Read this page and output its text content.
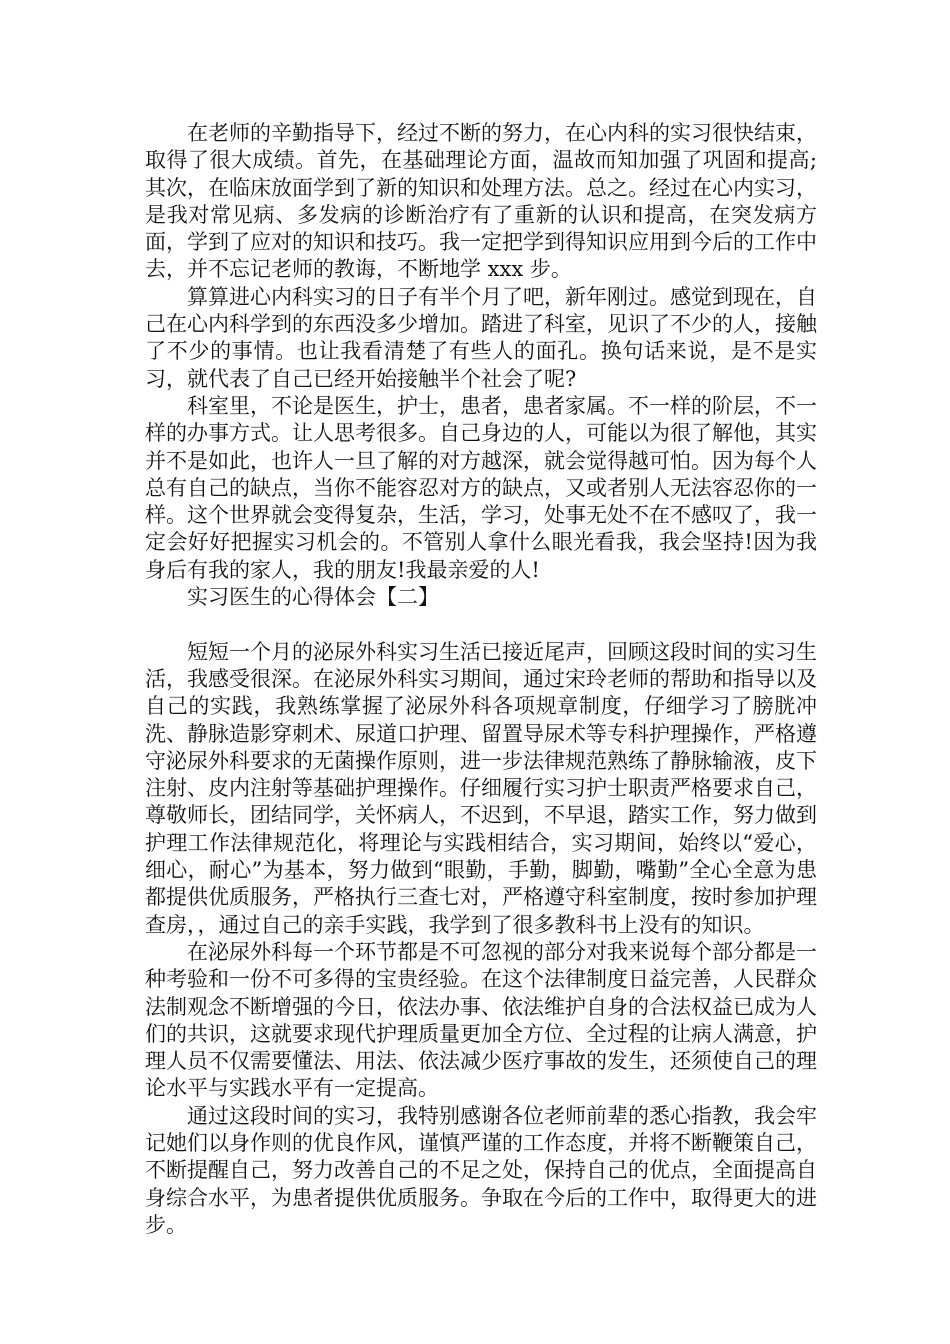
在老师的辛勤指导下，经过不断的努力，在心内科的实习很快结束，取得了很大成绩。首先，在基础理论方面，温故而知加强了巩固和提高;其次，在临床放面学到了新的知识和处理方法。总之。经过在心内实习，是我对常见病、多发病的诊断治疗有了重新的认识和提高，在突发病方面，学到了应对的知识和技巧。我一定把学到得知识应用到今后的工作中去，并不忘记老师的教诲，不断地学 xxx 步。

算算进心内科实习的日子有半个月了吧，新年刚过。感觉到现在，自己在心内科学到的东西没多少增加。踏进了科室，见识了不少的人，接触了不少的事情。也让我看清楚了有些人的面孔。换句话来说，是不是实习，就代表了自己已经开始接触半个社会了呢?

科室里，不论是医生，护士，患者，患者家属。不一样的阶层，不一样的办事方式。让人思考很多。自己身边的人，可能以为很了解他，其实并不是如此，也许人一旦了解的对方越深，就会觉得越可怕。因为每个人总有自己的缺点，当你不能容忍对方的缺点，又或者别人无法容忍你的一样。这个世界就会变得复杂，生活，学习，处事无处不在不感叹了，我一定会好好把握实习机会的。不管别人拿什么眼光看我，我会坚持!因为我身后有我的家人，我的朋友!我最亲爱的人!

实习医生的心得体会【二】

短短一个月的泌尿外科实习生活已接近尾声，回顾这段时间的实习生活，我感受很深。在泌尿外科实习期间，通过宋玲老师的帮助和指导以及自己的实践，我熟练掌握了泌尿外科各项规章制度，仔细学习了膀胱冲洗、静脉造影穿刺术、尿道口护理、留置导尿术等专科护理操作，严格遵守泌尿外科要求的无菌操作原则，进一步法律规范熟练了静脉输液，皮下注射、皮内注射等基础护理操作。仔细履行实习护士职责严格要求自己，尊敬师长，团结同学，关怀病人，不迟到，不早退，踏实工作，努力做到护理工作法律规范化，将理论与实践相结合，实习期间，始终以“爱心，细心，耐心”为基本，努力做到“眼勤，手勤，脚勤，嘴勤”全心全意为患都提供优质服务，严格执行三查七对，严格遵守科室制度，按时参加护理查房，，通过自己的亲手实践，我学到了很多教科书上没有的知识。

在泌尿外科每一个环节都是不可忽视的部分对我来说每个部分都是一种考验和一份不可多得的宝贵经验。在这个法律制度日益完善，人民群众法制观念不断增强的今日，依法办事、依法维护自身的合法权益已成为人们的共识，这就要求现代护理质量更加全方位、全过程的让病人满意，护理人员不仅需要懂法、用法、依法减少医疗事故的发生，还须使自己的理论水平与实践水平有一定提高。

通过这段时间的实习，我特别感谢各位老师前辈的悉心指教，我会牢记她们以身作则的优良作风，谨慎严谨的工作态度，并将不断鞭策自己，不断提醒自己，努力改善自己的不足之处，保持自己的优点，全面提高自身综合水平，为患者提供优质服务。争取在今后的工作中，取得更大的进步。
